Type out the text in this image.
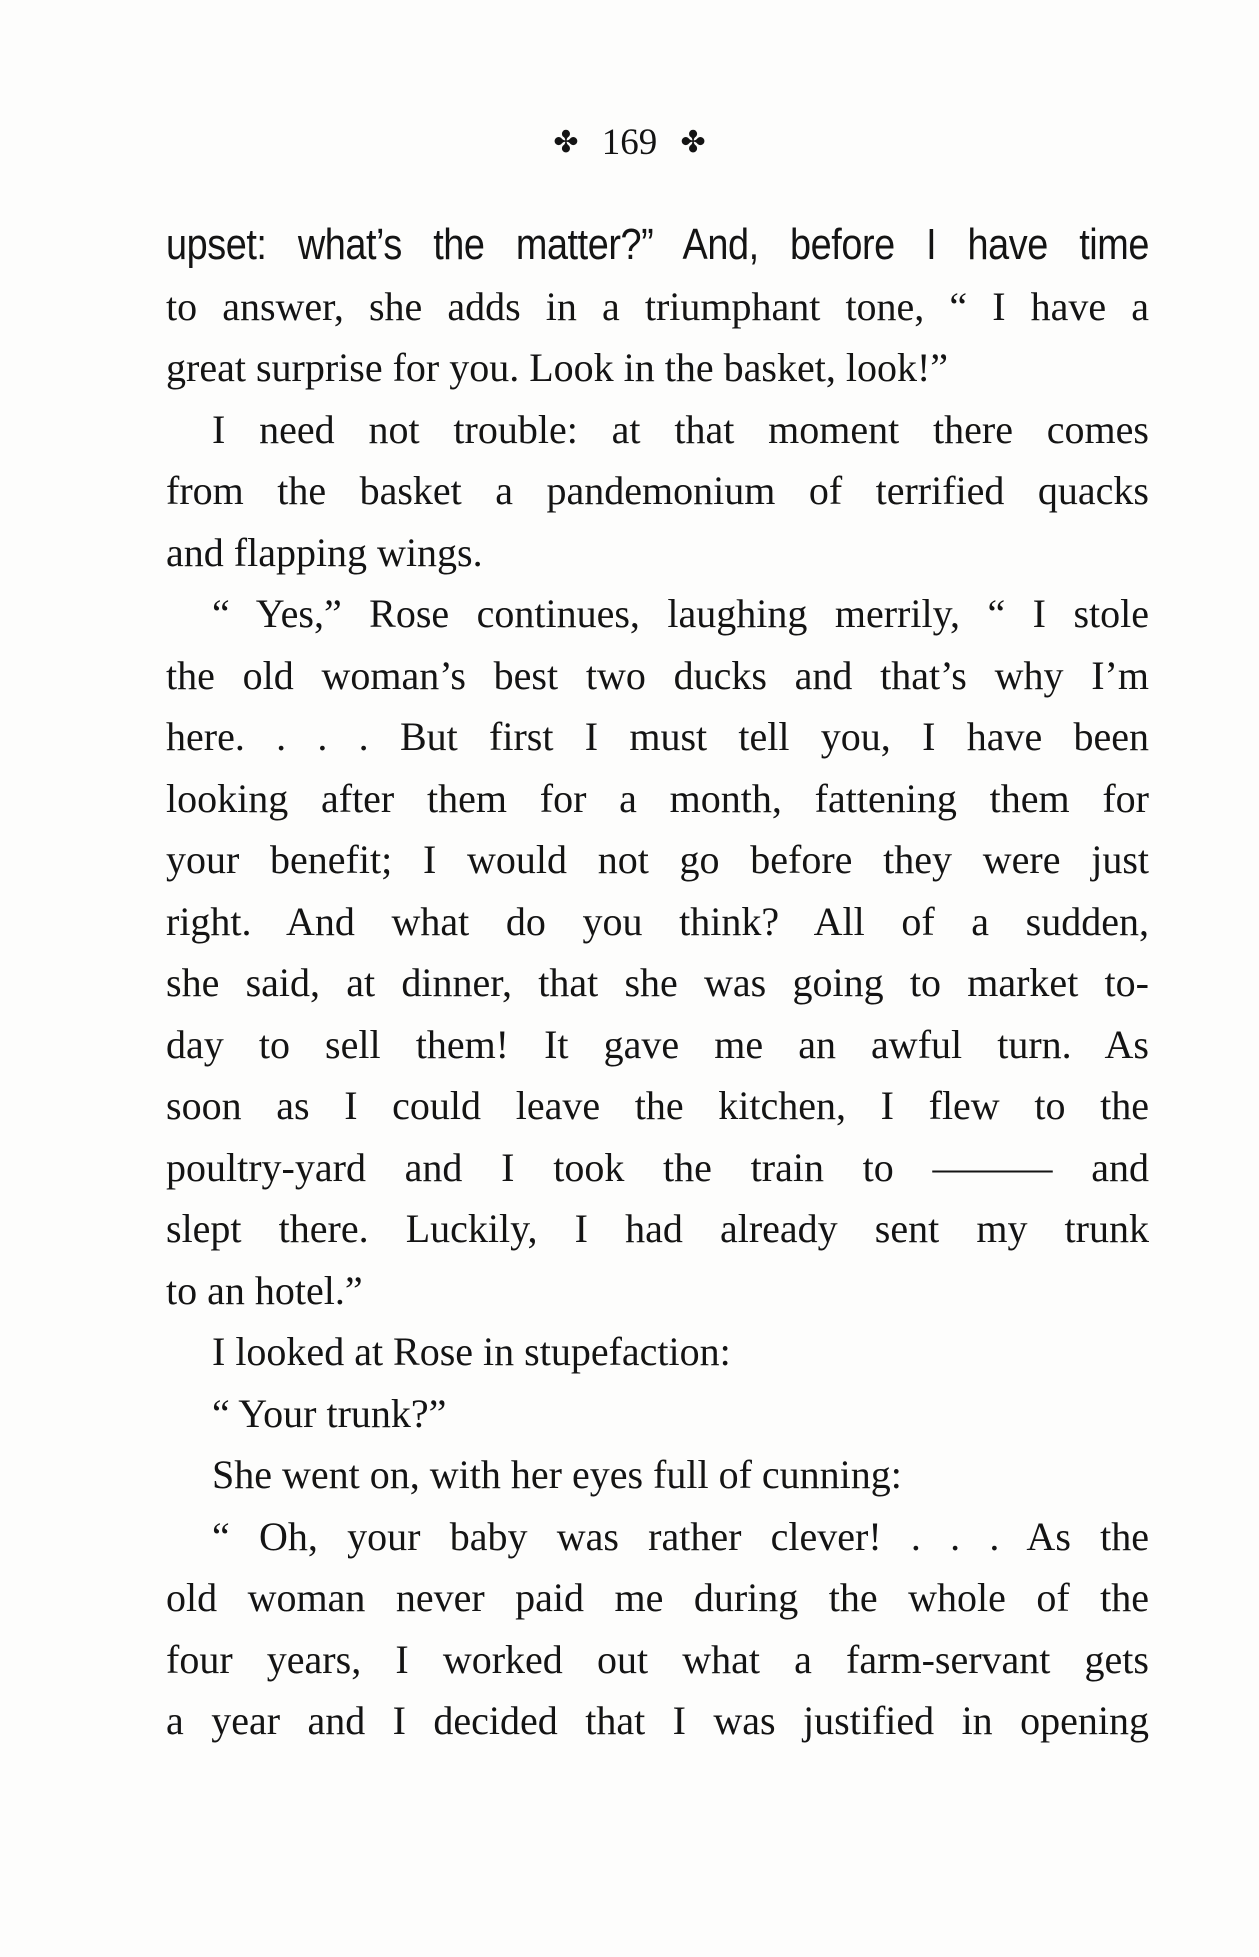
✤ 169 ✤
upset: what’s the matter?” And, before I have time
to answer, she adds in a triumphant tone, “ I have a
great surprise for you. Look in the basket, look!”
I need not trouble: at that moment there comes
from the basket a pandemonium of terrified quacks
and flapping wings.
“ Yes,” Rose continues, laughing merrily, “ I stole
the old woman’s best two ducks and that’s why I’m
here. . . . But first I must tell you, I have been
looking after them for a month, fattening them for
your benefit; I would not go before they were just
right. And what do you think? All of a sudden,
she said, at dinner, that she was going to market to-
day to sell them! It gave me an awful turn. As
soon as I could leave the kitchen, I flew to the
poultry-yard and I took the train to ——— and
slept there. Luckily, I had already sent my trunk
to an hotel.”
I looked at Rose in stupefaction:
“ Your trunk?”
She went on, with her eyes full of cunning:
“ Oh, your baby was rather clever! . . . As the
old woman never paid me during the whole of the
four years, I worked out what a farm-servant gets
a year and I decided that I was justified in opening
